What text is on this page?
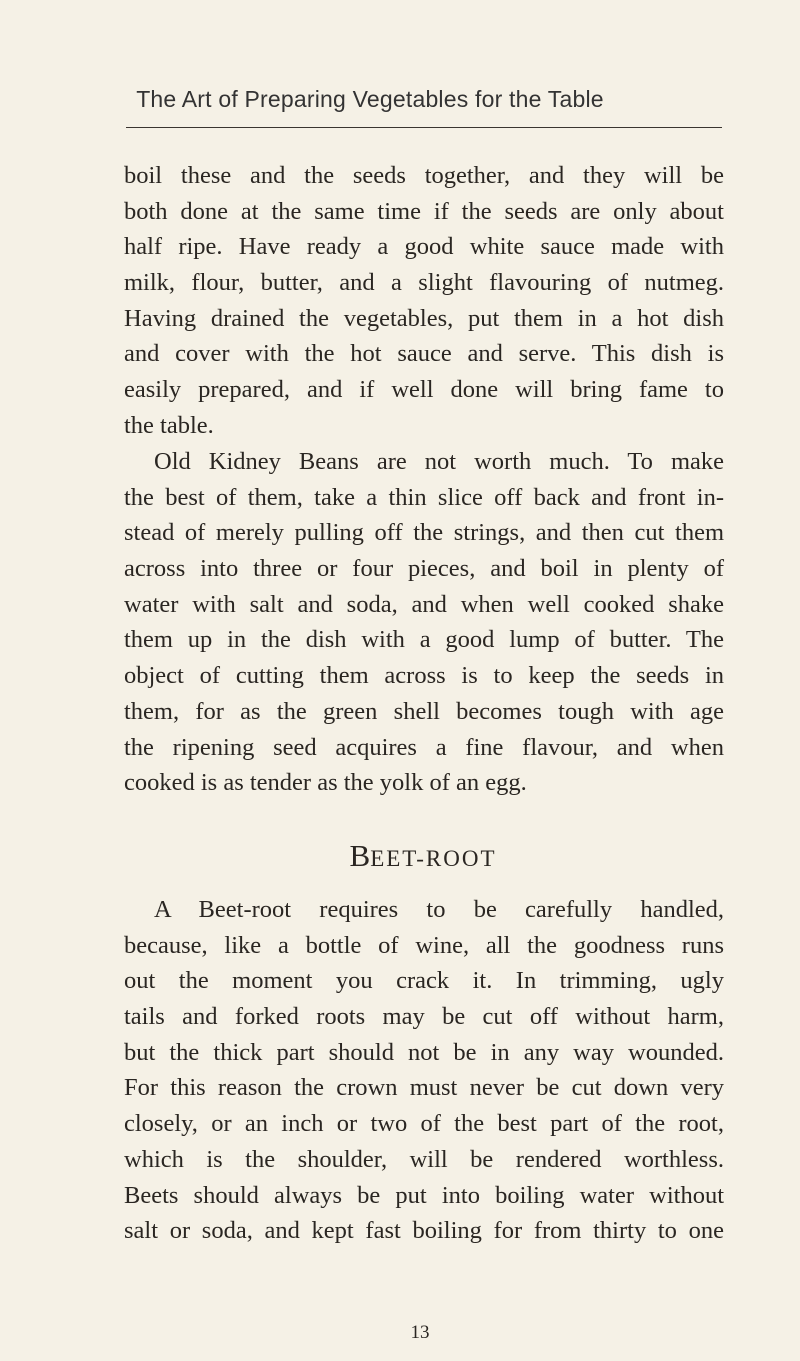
The Art of Preparing Vegetables for the Table
boil these and the seeds together, and they will be
both done at the same time if the seeds are only about
half ripe. Have ready a good white sauce made with
milk, flour, butter, and a slight flavouring of nutmeg.
Having drained the vegetables, put them in a hot dish
and cover with the hot sauce and serve. This dish is
easily prepared, and if well done will bring fame to
the table.
Old Kidney Beans are not worth much. To make
the best of them, take a thin slice off back and front in-
stead of merely pulling off the strings, and then cut them
across into three or four pieces, and boil in plenty of
water with salt and soda, and when well cooked shake
them up in the dish with a good lump of butter. The
object of cutting them across is to keep the seeds in
them, for as the green shell becomes tough with age
the ripening seed acquires a fine flavour, and when
cooked is as tender as the yolk of an egg.
BEET-ROOT
A Beet-root requires to be carefully handled,
because, like a bottle of wine, all the goodness runs
out the moment you crack it. In trimming, ugly
tails and forked roots may be cut off without harm,
but the thick part should not be in any way wounded.
For this reason the crown must never be cut down very
closely, or an inch or two of the best part of the root,
which is the shoulder, will be rendered worthless.
Beets should always be put into boiling water without
salt or soda, and kept fast boiling for from thirty to one
13
